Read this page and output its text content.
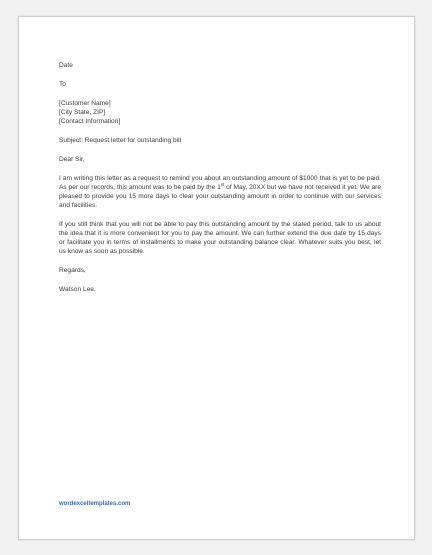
Date
To
[Customer Name]
[City State, ZIP]
[Contact Information]
Subject: Request letter for outstanding bill
Dear Sir,
I am writing this letter as a request to remind you about an outstanding amount of $1000 that is yet to be paid. As per our records, this amount was to be paid by the 1st of May, 20XX but we have not received it yet. We are pleased to provide you 15 more days to clear your outstanding amount in order to continue with our services and facilities.
If you still think that you will not be able to pay this outstanding amount by the stated period, talk to us about the idea that it is more convenient for you to pay the amount. We can further extend the due date by 15 days or facilitate you in terms of installments to make your outstanding balance clear. Whatever suits you best, let us know as soon as possible.
Regards,
Watson Lee.
wordexceltemplates.com
